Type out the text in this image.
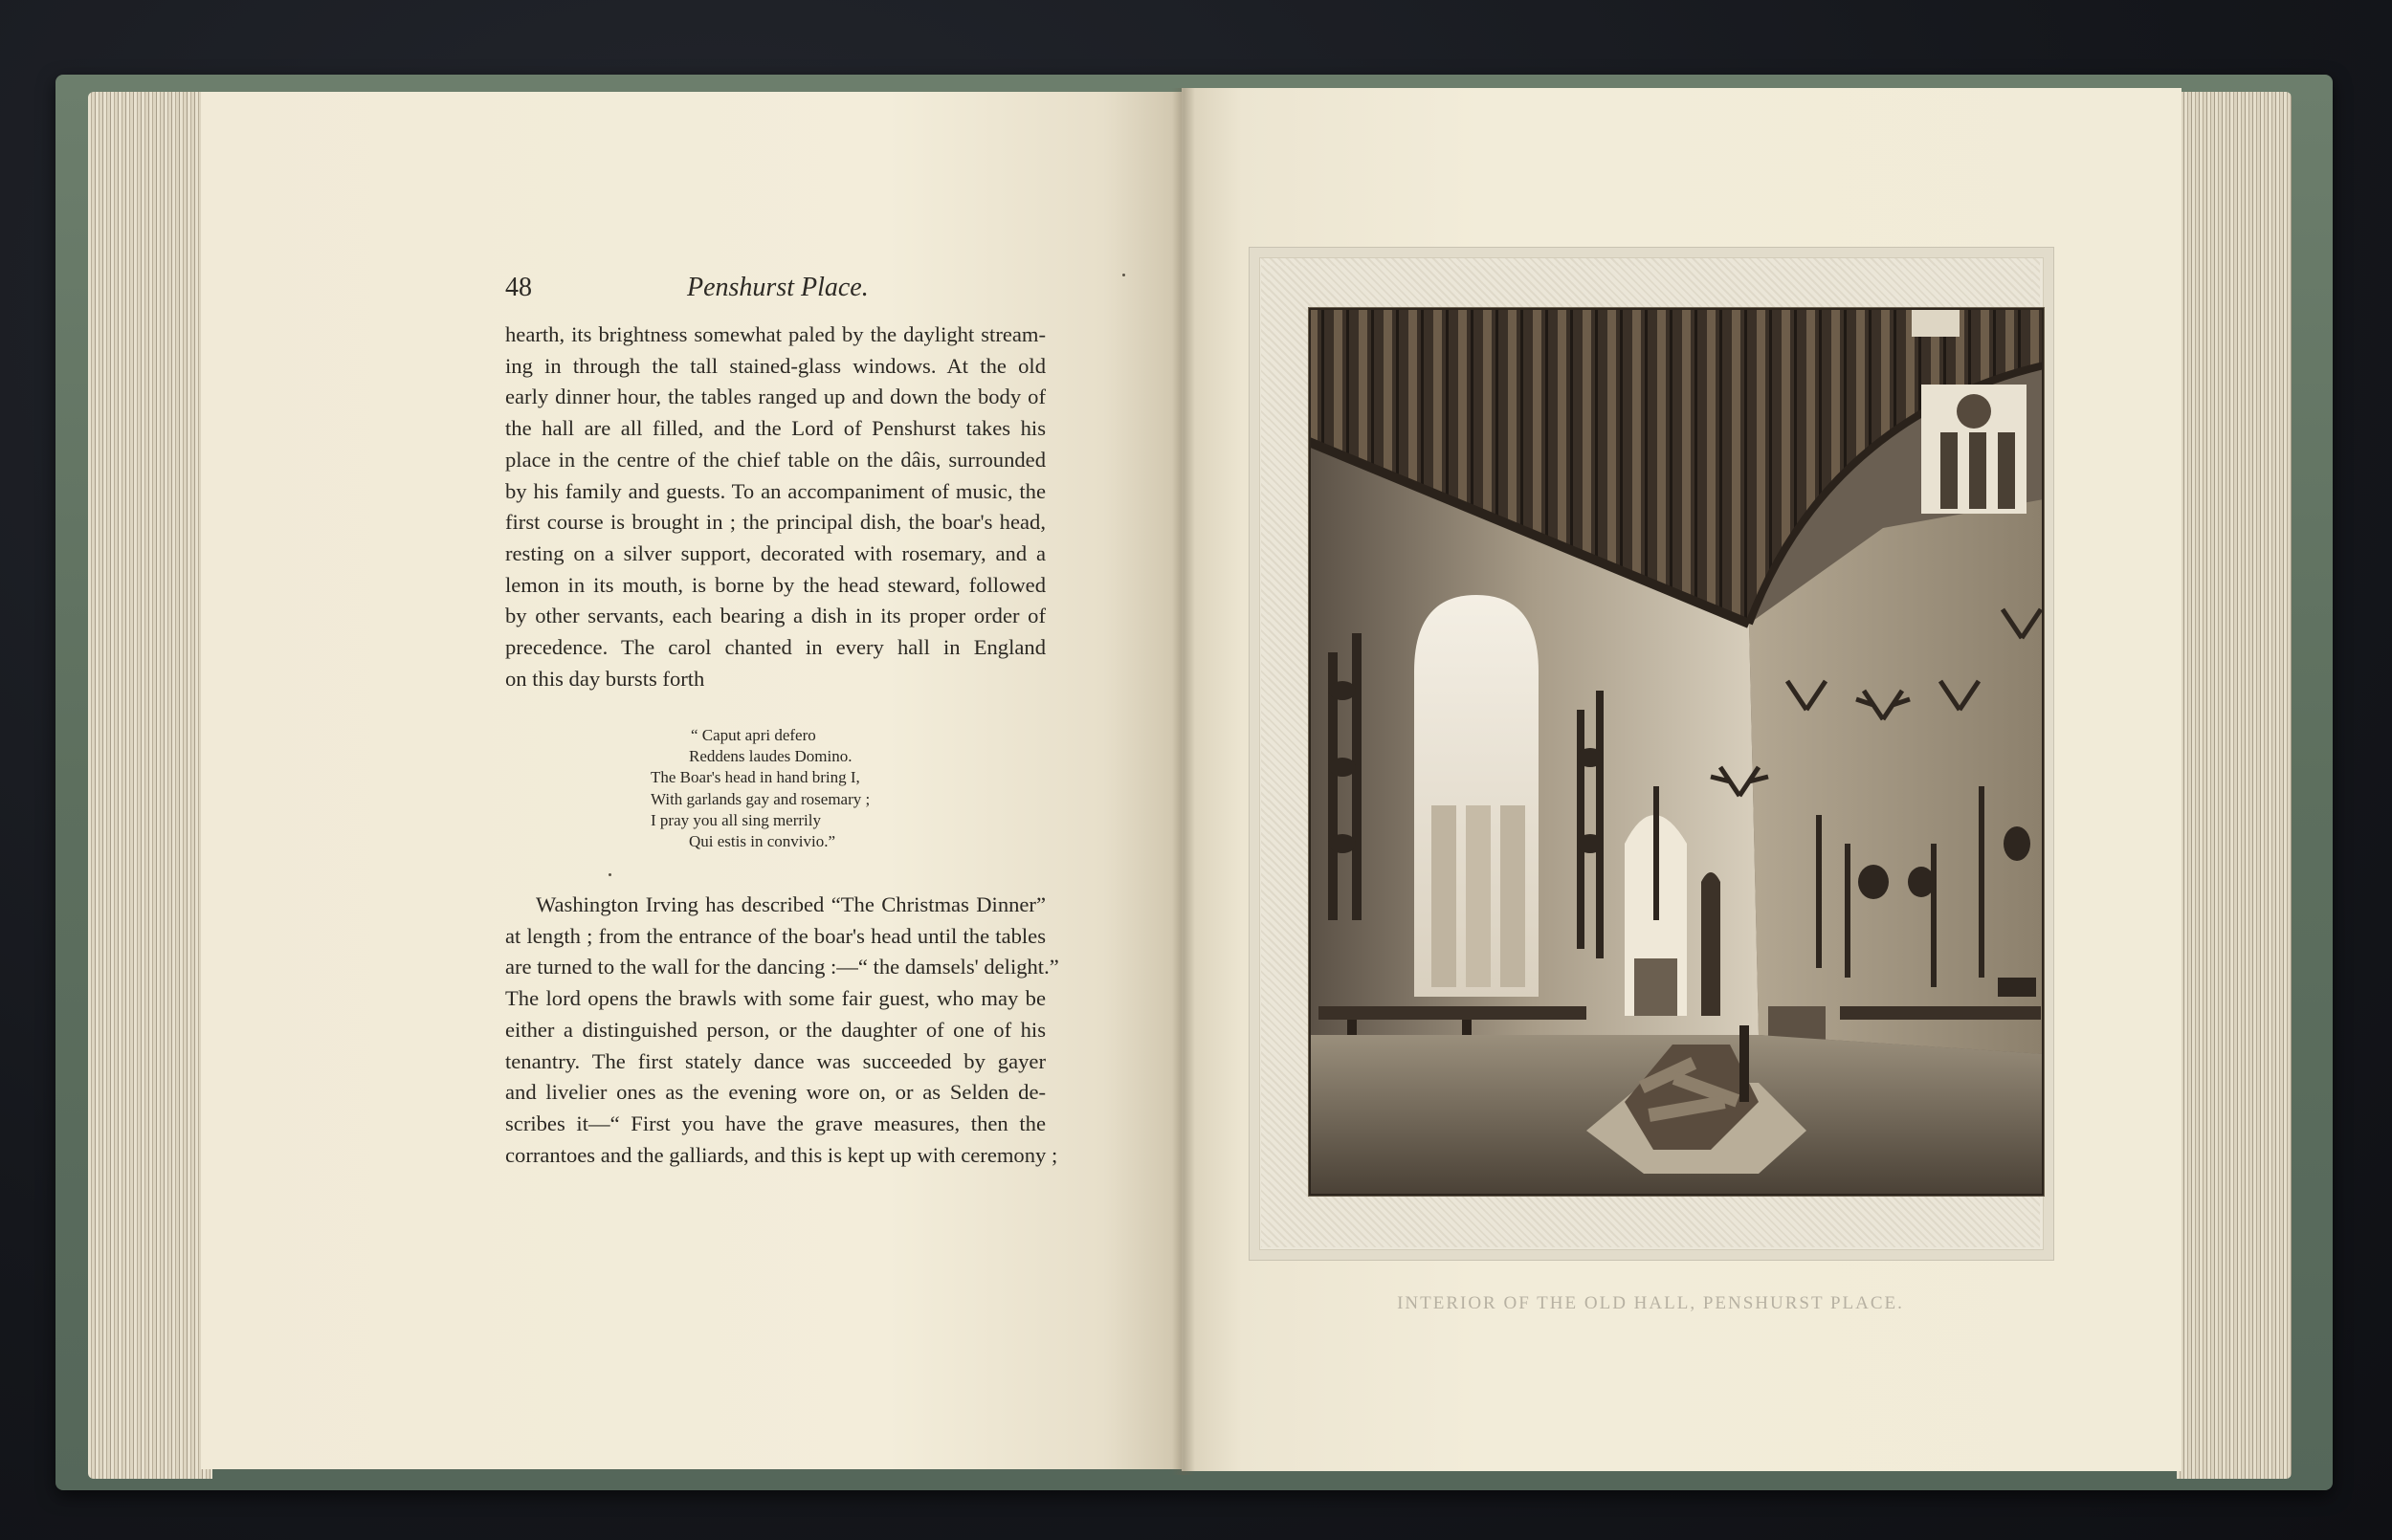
48	Penshurst Place.
hearth, its brightness somewhat paled by the daylight stream-
ing in through the tall stained-glass windows. At the old
early dinner hour, the tables ranged up and down the body of
the hall are all filled, and the Lord of Penshurst takes his
place in the centre of the chief table on the dâis, surrounded
by his family and guests. To an accompaniment of music, the
first course is brought in ; the principal dish, the boar's head,
resting on a silver support, decorated with rosemary, and a
lemon in its mouth, is borne by the head steward, followed
by other servants, each bearing a dish in its proper order of
precedence. The carol chanted in every hall in England
on this day bursts forth
“ Caput apri defero
Reddens laudes Domino.
The Boar's head in hand bring I,
With garlands gay and rosemary ;
I pray you all sing merrily
Qui estis in convivio.”
Washington Irving has described “The Christmas Dinner”
at length ; from the entrance of the boar's head until the tables
are turned to the wall for the dancing :—“ the damsels' delight.”
The lord opens the brawls with some fair guest, who may be
either a distinguished person, or the daughter of one of his
tenantry. The first stately dance was succeeded by gayer
and livelier ones as the evening wore on, or as Selden de-
scribes it—“ First you have the grave measures, then the
corrantoes and the galliards, and this is kept up with ceremony ;
INTERIOR OF THE OLD HALL, PENSHURST PLACE.
